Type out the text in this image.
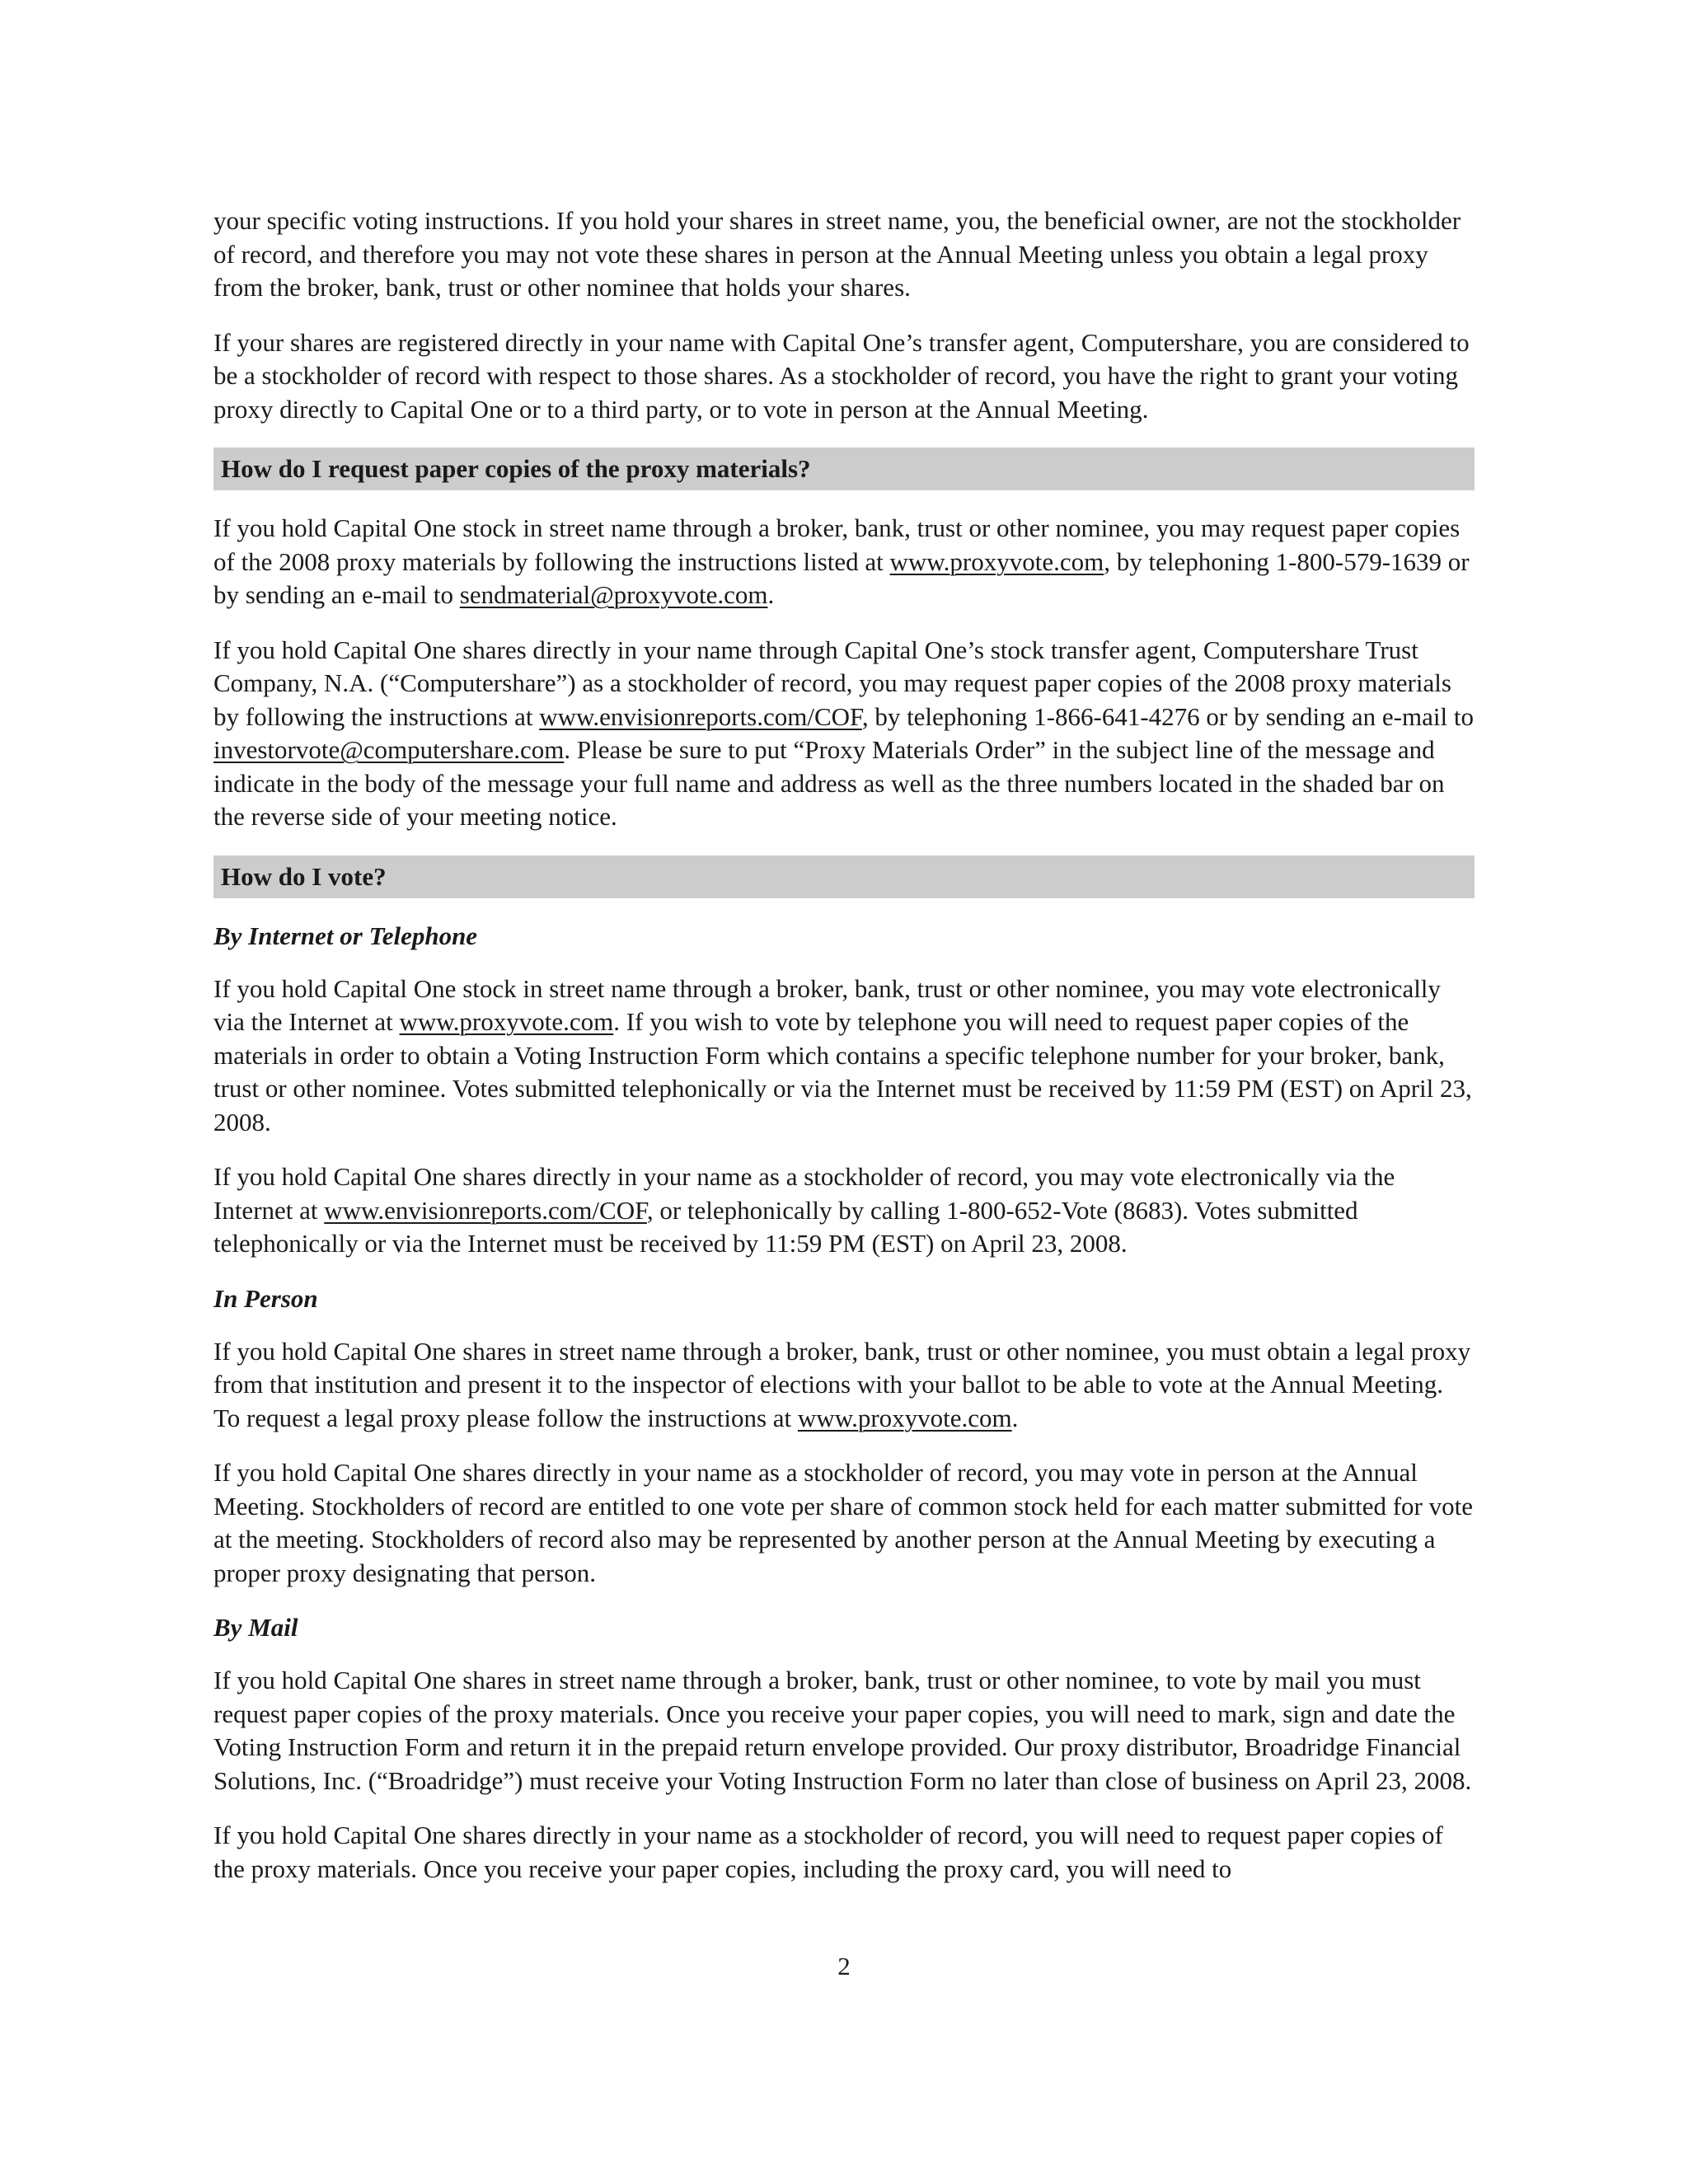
your specific voting instructions. If you hold your shares in street name, you, the beneficial owner, are not the stockholder of record, and therefore you may not vote these shares in person at the Annual Meeting unless you obtain a legal proxy from the broker, bank, trust or other nominee that holds your shares.

If your shares are registered directly in your name with Capital One’s transfer agent, Computershare, you are considered to be a stockholder of record with respect to those shares. As a stockholder of record, you have the right to grant your voting proxy directly to Capital One or to a third party, or to vote in person at the Annual Meeting.

How do I request paper copies of the proxy materials?

If you hold Capital One stock in street name through a broker, bank, trust or other nominee, you may request paper copies of the 2008 proxy materials by following the instructions listed at www.proxyvote.com, by telephoning 1-800-579-1639 or by sending an e-mail to sendmaterial@proxyvote.com.

If you hold Capital One shares directly in your name through Capital One’s stock transfer agent, Computershare Trust Company, N.A. (“Computershare”) as a stockholder of record, you may request paper copies of the 2008 proxy materials by following the instructions at www.envisionreports.com/COF, by telephoning 1-866-641-4276 or by sending an e-mail to investorvote@computershare.com. Please be sure to put “Proxy Materials Order” in the subject line of the message and indicate in the body of the message your full name and address as well as the three numbers located in the shaded bar on the reverse side of your meeting notice.

How do I vote?
By Internet or Telephone

If you hold Capital One stock in street name through a broker, bank, trust or other nominee, you may vote electronically via the Internet at www.proxyvote.com. If you wish to vote by telephone you will need to request paper copies of the materials in order to obtain a Voting Instruction Form which contains a specific telephone number for your broker, bank, trust or other nominee. Votes submitted telephonically or via the Internet must be received by 11:59 PM (EST) on April 23, 2008.

If you hold Capital One shares directly in your name as a stockholder of record, you may vote electronically via the Internet at www.envisionreports.com/COF, or telephonically by calling 1-800-652-Vote (8683). Votes submitted telephonically or via the Internet must be received by 11:59 PM (EST) on April 23, 2008.

In Person

If you hold Capital One shares in street name through a broker, bank, trust or other nominee, you must obtain a legal proxy from that institution and present it to the inspector of elections with your ballot to be able to vote at the Annual Meeting. To request a legal proxy please follow the instructions at www.proxyvote.com.

If you hold Capital One shares directly in your name as a stockholder of record, you may vote in person at the Annual Meeting. Stockholders of record are entitled to one vote per share of common stock held for each matter submitted for vote at the meeting. Stockholders of record also may be represented by another person at the Annual Meeting by executing a proper proxy designating that person.

By Mail

If you hold Capital One shares in street name through a broker, bank, trust or other nominee, to vote by mail you must request paper copies of the proxy materials. Once you receive your paper copies, you will need to mark, sign and date the Voting Instruction Form and return it in the prepaid return envelope provided. Our proxy distributor, Broadridge Financial Solutions, Inc. (“Broadridge”) must receive your Voting Instruction Form no later than close of business on April 23, 2008.

If you hold Capital One shares directly in your name as a stockholder of record, you will need to request paper copies of the proxy materials. Once you receive your paper copies, including the proxy card, you will need to

2
